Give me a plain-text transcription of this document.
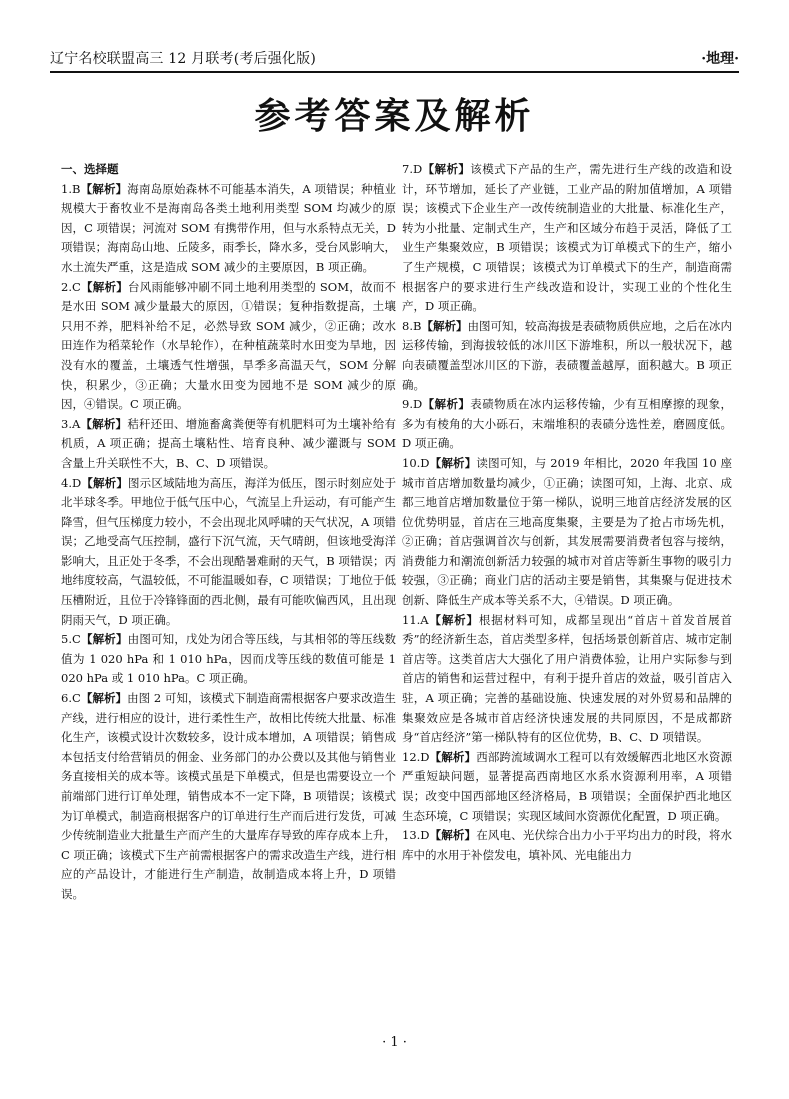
辽宁名校联盟高三 12 月联考(考后强化版)	·地理·
参考答案及解析
一、选择题

1.B【解析】海南岛原始森林不可能基本消失，A 项错误；种植业规模大于畜牧业不是海南岛各类土地利用类型 SOM 均减少的原因，C 项错误；河流对 SOM 有携带作用，但与水系特点无关，D 项错误；海南岛山地、丘陵多，雨季长，降水多，受台风影响大，水土流失严重，这是造成 SOM 减少的主要原因，B 项正确。

2.C【解析】台风雨能够冲刷不同土地利用类型的 SOM，故而不是水田 SOM 减少量最大的原因，①错误；复种指数提高，土壤只用不养，肥料补给不足，必然导致 SOM 减少，②正确；改水田连作为稻菜轮作（水旱轮作），在种植蔬菜时水田变为旱地，因没有水的覆盖，土壤透气性增强，旱季多高温天气，SOM 分解快，积累少，③正确；大量水田变为园地不是 SOM 减少的原因，④错误。C 项正确。

3.A【解析】秸秆还田、增施畜禽粪便等有机肥料可为土壤补给有机质，A 项正确；提高土壤粘性、培育良种、减少灌溉与 SOM 含量上升关联性不大，B、C、D 项错误。

4.D【解析】图示区域陆地为高压，海洋为低压，图示时刻应处于北半球冬季。甲地位于低气压中心，气流呈上升运动，有可能产生降雪，但气压梯度力较小，不会出现北风呼啸的天气状况，A 项错误；乙地受高气压控制，盛行下沉气流，天气晴朗，但该地受海洋影响大，且正处于冬季，不会出现酷暑难耐的天气，B 项错误；丙地纬度较高，气温较低，不可能温暖如春，C 项错误；丁地位于低压槽附近，且位于冷锋锋面的西北侧，最有可能吹偏西风，且出现阴雨天气，D 项正确。

5.C【解析】由图可知，戊处为闭合等压线，与其相邻的等压线数值为 1 020 hPa 和 1 010 hPa，因而戊等压线的数值可能是 1 020 hPa 或 1 010 hPa。C 项正确。

6.C【解析】由图 2 可知，该模式下制造商需根据客户要求改造生产线，进行相应的设计，进行柔性生产，故相比传统大批量、标准化生产，该模式设计次数较多，设计成本增加，A 项错误；销售成本包括支付给营销员的佣金、业务部门的办公费以及其他与销售业务直接相关的成本等。该模式虽是下单模式，但是也需要设立一个前端部门进行订单处理，销售成本不一定下降，B 项错误；该模式为订单模式，制造商根据客户的订单进行生产而后进行发货，可减少传统制造业大批量生产而产生的大量库存导致的库存成本上升，C 项正确；该模式下生产前需根据客户的需求改造生产线，进行相应的产品设计，才能进行生产制造，故制造成本将上升，D 项错误。

7.D【解析】该模式下产品的生产，需先进行生产线的改造和设计，环节增加，延长了产业链，工业产品的附加值增加，A 项错误；该模式下企业生产一改传统制造业的大批量、标准化生产，转为小批量、定制式生产，生产和区域分布趋于灵活，降低了工业生产集聚效应，B 项错误；该模式为订单模式下的生产，缩小了生产规模，C 项错误；该模式为订单模式下的生产，制造商需根据客户的要求进行生产线改造和设计，实现工业的个性化生产，D 项正确。

8.B【解析】由图可知，较高海拔是表碛物质供应地，之后在冰内运移传输，到海拔较低的冰川区下游堆积，所以一般状况下，越向表碛覆盖型冰川区的下游，表碛覆盖越厚，面积越大。B 项正确。

9.D【解析】表碛物质在冰内运移传输，少有互相摩擦的现象，多为有棱角的大小砾石，末端堆积的表碛分选性差，磨圆度低。D 项正确。

10.D【解析】读图可知，与 2019 年相比，2020 年我国 10 座城市首店增加数量均减少，①正确；读图可知，上海、北京、成都三地首店增加数量位于第一梯队，说明三地首店经济发展的区位优势明显，首店在三地高度集聚，主要是为了抢占市场先机，②正确；首店强调首次与创新，其发展需要消费者包容与接纳，消费能力和潮流创新活力较强的城市对首店等新生事物的吸引力较强，③正确；商业门店的活动主要是销售，其集聚与促进技术创新、降低生产成本等关系不大，④错误。D 项正确。

11.A【解析】根据材料可知，成都呈现出“首店＋首发首展首秀”的经济新生态，首店类型多样，包括场景创新首店、城市定制首店等。这类首店大大强化了用户消费体验，让用户实际参与到首店的销售和运营过程中，有利于提升首店的效益，吸引首店入驻，A 项正确；完善的基础设施、快速发展的对外贸易和品牌的集聚效应是各城市首店经济快速发展的共同原因，不是成都跻身“首店经济”第一梯队特有的区位优势，B、C、D 项错误。

12.D【解析】西部跨流域调水工程可以有效缓解西北地区水资源严重短缺问题，显著提高西南地区水系水资源利用率，A 项错误；改变中国西部地区经济格局，B 项错误；全面保护西北地区生态环境，C 项错误；实现区域间水资源优化配置，D 项正确。

13.D【解析】在风电、光伏综合出力小于平均出力的时段，将水库中的水用于补偿发电，填补风、光电能出力

· 1 ·
